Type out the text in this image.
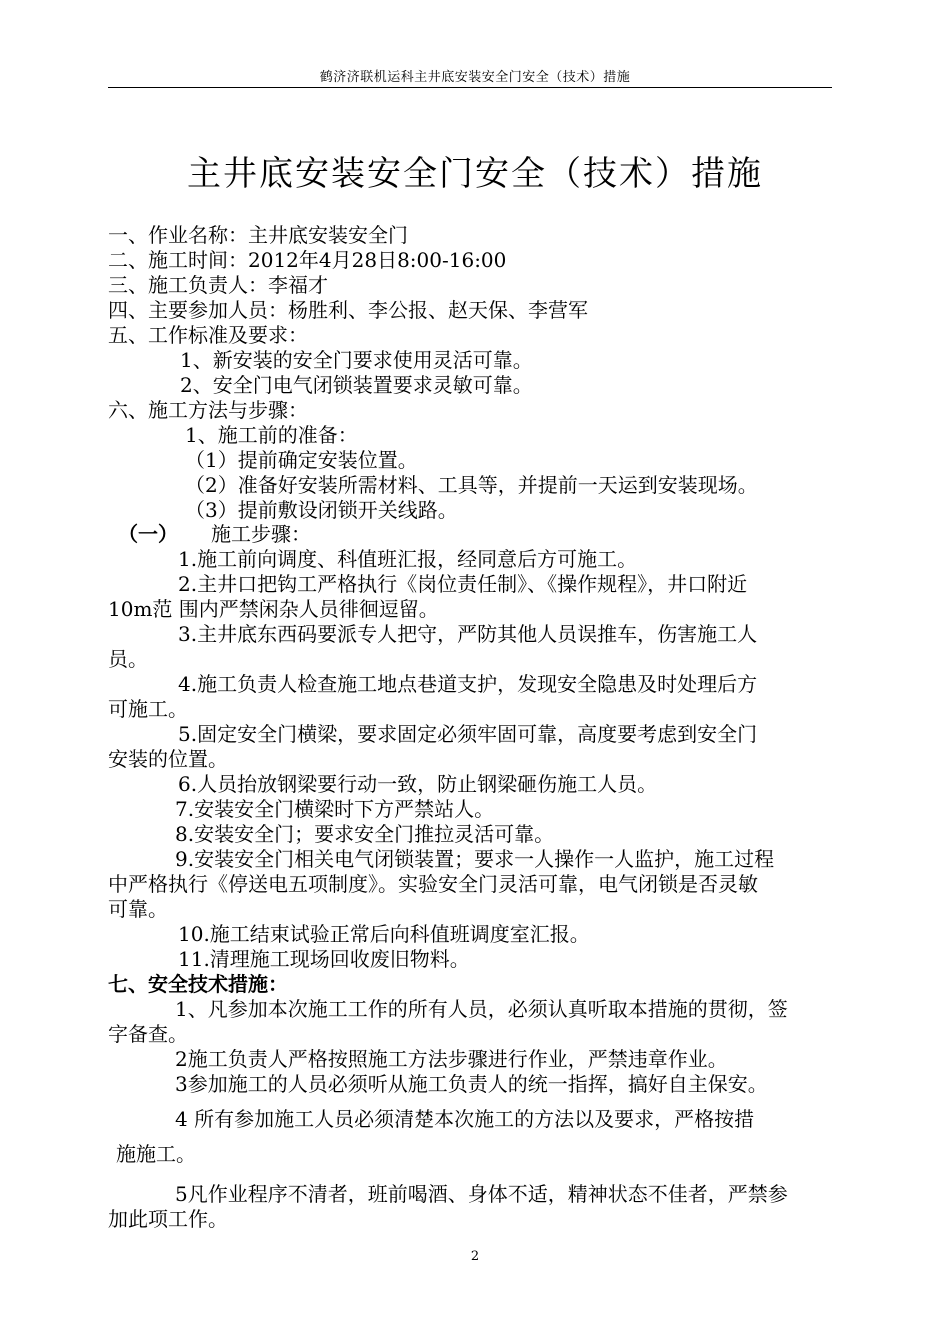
鹤济济联机运科主井底安装安全门安全（技术）措施
主井底安装安全门安全（技术）措施
一、作业名称：主井底安装安全门
二、施工时间：2012年4月28日8:00-16:00
三、施工负责人：李福才
四、主要参加人员：杨胜利、李公报、赵天保、李营军
五、工作标准及要求：
1、新安装的安全门要求使用灵活可靠。
2、安全门电气闭锁装置要求灵敏可靠。
六、施工方法与步骤：
1、施工前的准备：
（1）提前确定安装位置。
（2）准备好安装所需材料、工具等，并提前一天运到安装现场。
（3）提前敷设闭锁开关线路。
（一） 施工步骤：
1.施工前向调度、科值班汇报，经同意后方可施工。
2.主井口把钩工严格执行《岗位责任制》、《操作规程》，井口附近
10m范 围内严禁闲杂人员徘徊逗留。
3.主井底东西码要派专人把守，严防其他人员误推车，伤害施工人
员。
4.施工负责人检查施工地点巷道支护，发现安全隐患及时处理后方
可施工。
5.固定安全门横梁，要求固定必须牢固可靠，高度要考虑到安全门
安装的位置。
6.人员抬放钢梁要行动一致，防止钢梁砸伤施工人员。
7.安装安全门横梁时下方严禁站人。
8.安装安全门；要求安全门推拉灵活可靠。
9.安装安全门相关电气闭锁装置；要求一人操作一人监护，施工过程
中严格执行《停送电五项制度》。实验安全门灵活可靠，电气闭锁是否灵敏
可靠。
10.施工结束试验正常后向科值班调度室汇报。
11.清理施工现场回收废旧物料。
七、安全技术措施：
1、凡参加本次施工工作的所有人员，必须认真听取本措施的贯彻，签
字备查。
2施工负责人严格按照施工方法步骤进行作业，严禁违章作业。
3参加施工的人员必须听从施工负责人的统一指挥，搞好自主保安。
4 所有参加施工人员必须清楚本次施工的方法以及要求，严格按措
施施工。
5凡作业程序不清者，班前喝酒、身体不适，精神状态不佳者，严禁参
加此项工作。
2
